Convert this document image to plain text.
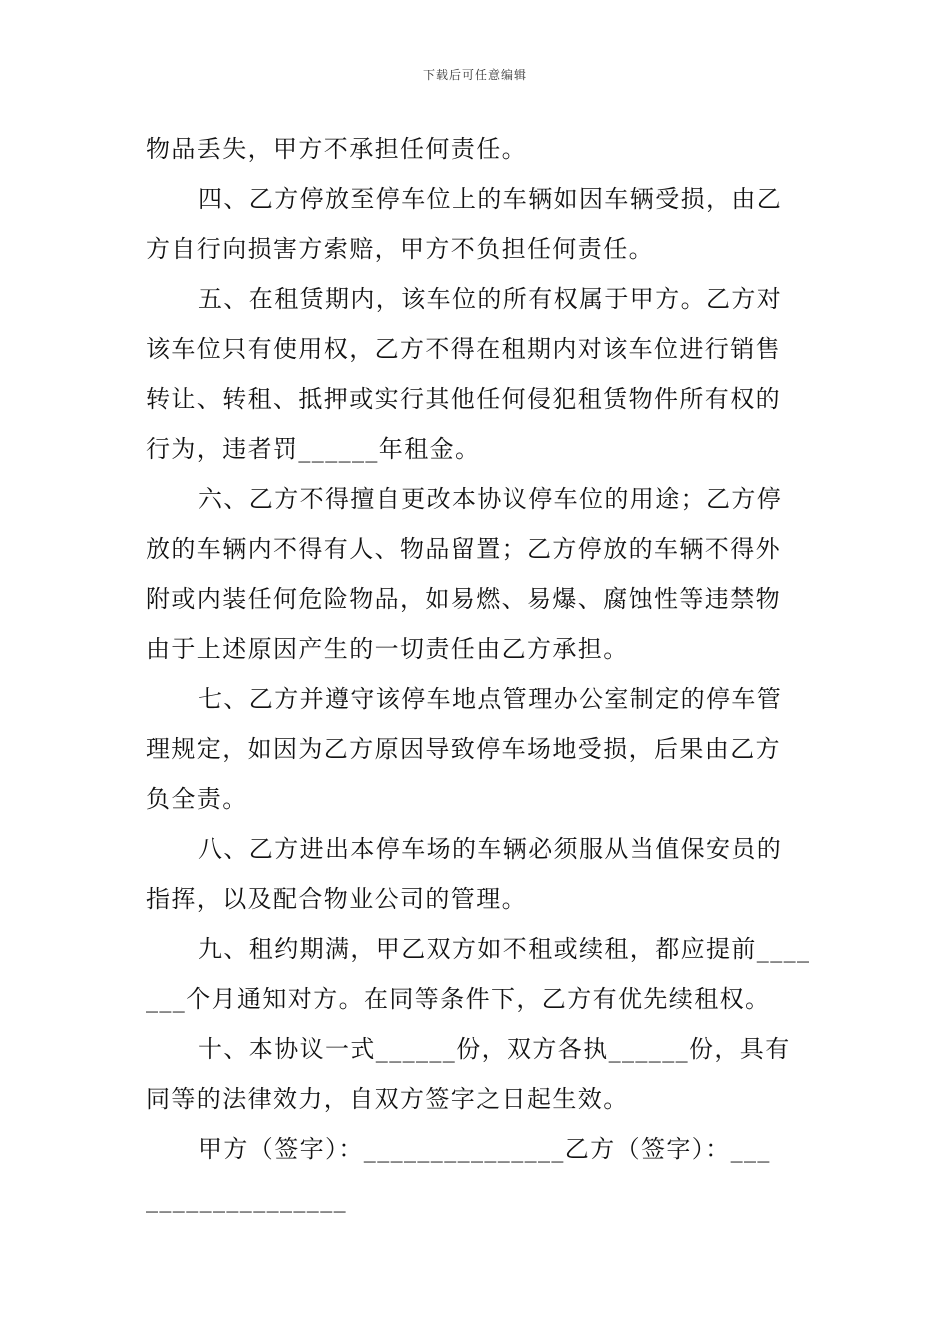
下载后可任意编辑
物品丢失，甲方不承担任何责任。
四、乙方停放至停车位上的车辆如因车辆受损，由乙
方自行向损害方索赔，甲方不负担任何责任。
五、在租赁期内，该车位的所有权属于甲方。乙方对
该车位只有使用权，乙方不得在租期内对该车位进行销售
转让、转租、抵押或实行其他任何侵犯租赁物件所有权的
行为，违者罚______年租金。
六、乙方不得擅自更改本协议停车位的用途；乙方停
放的车辆内不得有人、物品留置；乙方停放的车辆不得外
附或内装任何危险物品，如易燃、易爆、腐蚀性等违禁物
由于上述原因产生的一切责任由乙方承担。
七、乙方并遵守该停车地点管理办公室制定的停车管
理规定，如因为乙方原因导致停车场地受损，后果由乙方
负全责。
八、乙方进出本停车场的车辆必须服从当值保安员的
指挥，以及配合物业公司的管理。
九、租约期满，甲乙双方如不租或续租，都应提前____
___个月通知对方。在同等条件下，乙方有优先续租权。
十、本协议一式______份，双方各执______份，具有
同等的法律效力，自双方签字之日起生效。
甲方（签字）：_______________乙方（签字）：___
_______________
